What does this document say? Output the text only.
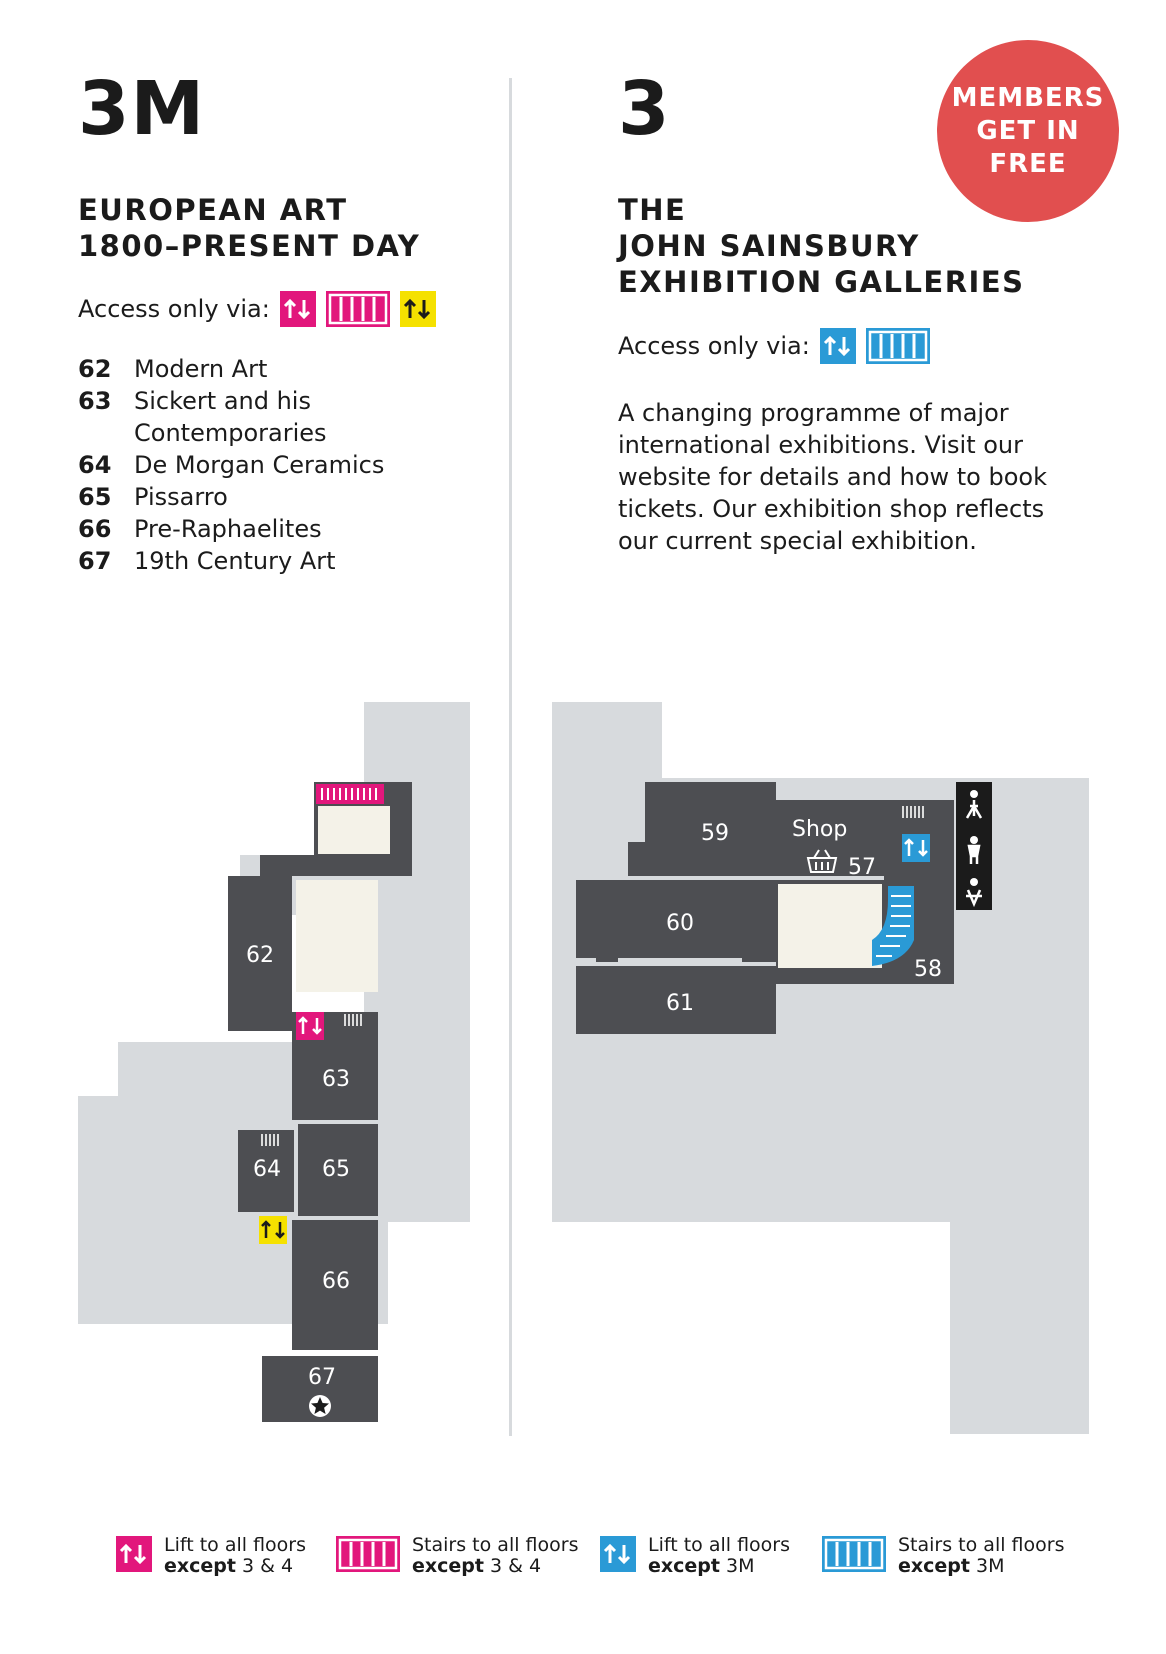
3M
EUROPEAN ART
1800–PRESENT DAY
Access only via:
62 Modern Art
63 Sickert and his
Contemporaries
64 De Morgan Ceramics
65 Pissarro
66 Pre-Raphaelites
67 19th Century Art
3	MEMBERS
GET IN
FREE
THE
JOHN SAINSBURY
EXHIBITION GALLERIES
Access only via:
A changing programme of major
international exhibitions. Visit our
website for details and how to book
tickets. Our exhibition shop reflects
our current special exhibition.
62
63
64 65
66
67
59	Shop
57
60
61
58
Lift to all floors
except 3 & 4
Stairs to all floors
except 3 & 4
Lift to all floors
except 3M
Stairs to all floors
except 3M
